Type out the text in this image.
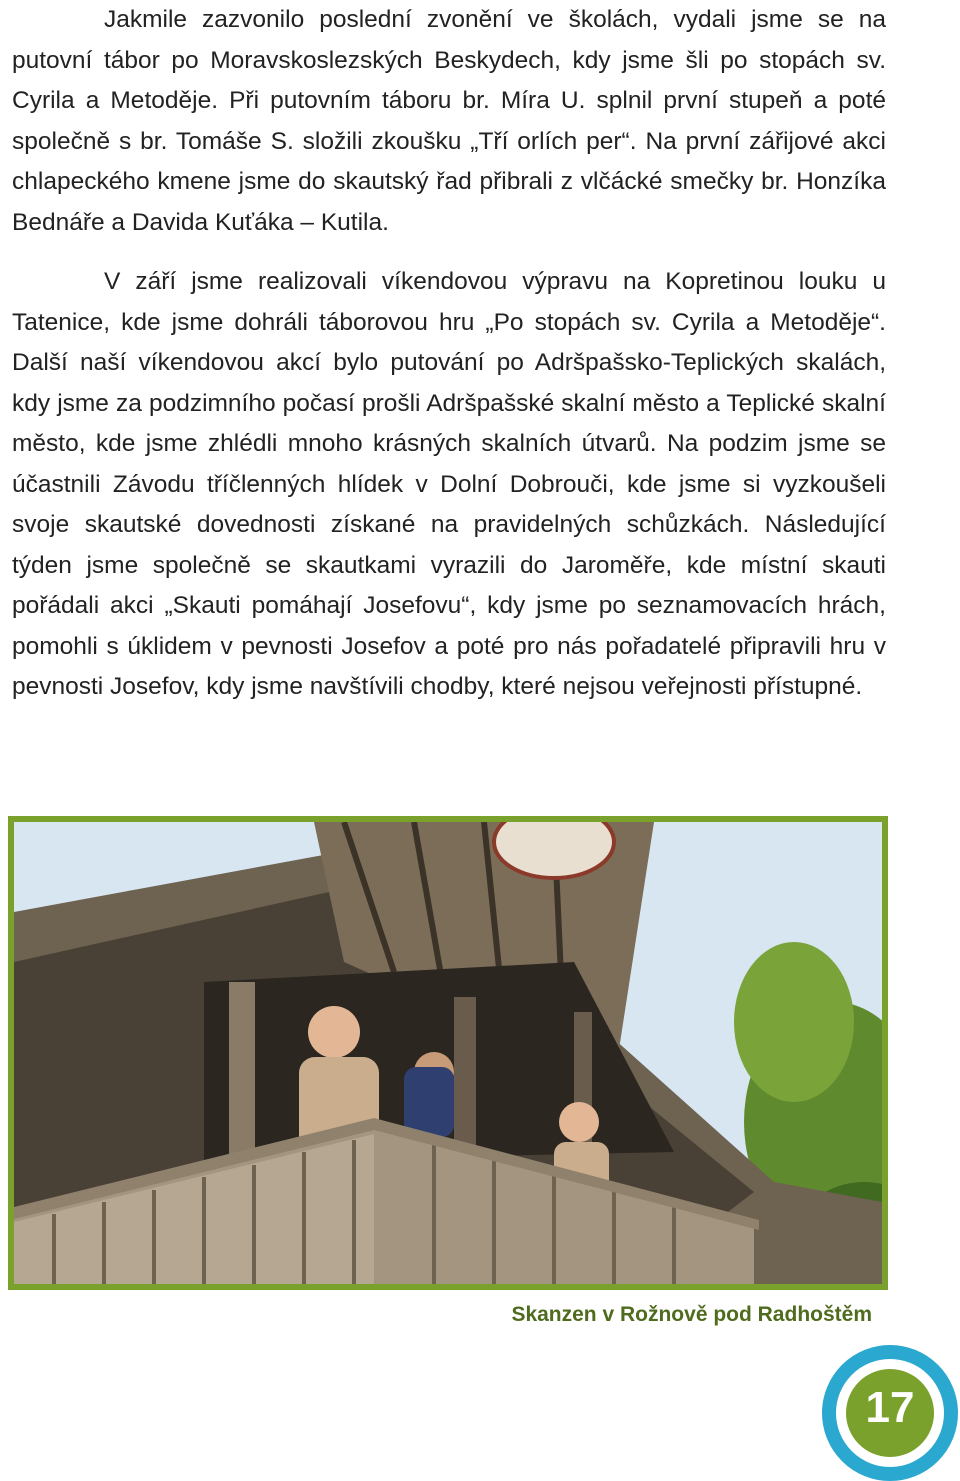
Jakmile zazvonilo poslední zvonění ve školách, vydali jsme se na putovní tábor po Moravskoslezských Beskydech, kdy jsme šli po stopách sv. Cyrila a Metoděje. Při putovním táboru br. Míra U. splnil první stupeň a poté společně s br. Tomáše S. složili zkoušku „Tří orlích per“. Na první zářijové akci chlapeckého kmene jsme do skautský řad přibrali z vlčácké smečky br. Honzíka Bednáře a Davida Kuťáka – Kutila.

V září jsme realizovali víkendovou výpravu na Kopretinou louku u Tatenice, kde jsme dohráli táborovou hru „Po stopách sv. Cyrila a Metoděje“. Další naší víkendovou akcí bylo putování po Adršpašsko-Teplických skalách, kdy jsme za podzimního počasí prošli Adršpašské skalní město a Teplické skalní město, kde jsme zhlédli mnoho krásných skalních útvarů. Na podzim jsme se účastnili Závodu tříčlenných hlídek v Dolní Dobrouči, kde jsme si vyzkoušeli svoje skautské dovednosti získané na pravidelných schůzkách. Následující týden jsme společně se skautkami vyrazili do Jaroměře, kde místní skauti pořádali akci „Skauti pomáhají Josefovu“, kdy jsme po seznamovacích hrách, pomohli s úklidem v pevnosti Josefov a poté pro nás pořadatelé připravili hru v pevnosti Josefov, kdy jsme navštívili chodby, které nejsou veřejnosti přístupné.

Skanzen v Rožnově pod Radhoštěm
17
